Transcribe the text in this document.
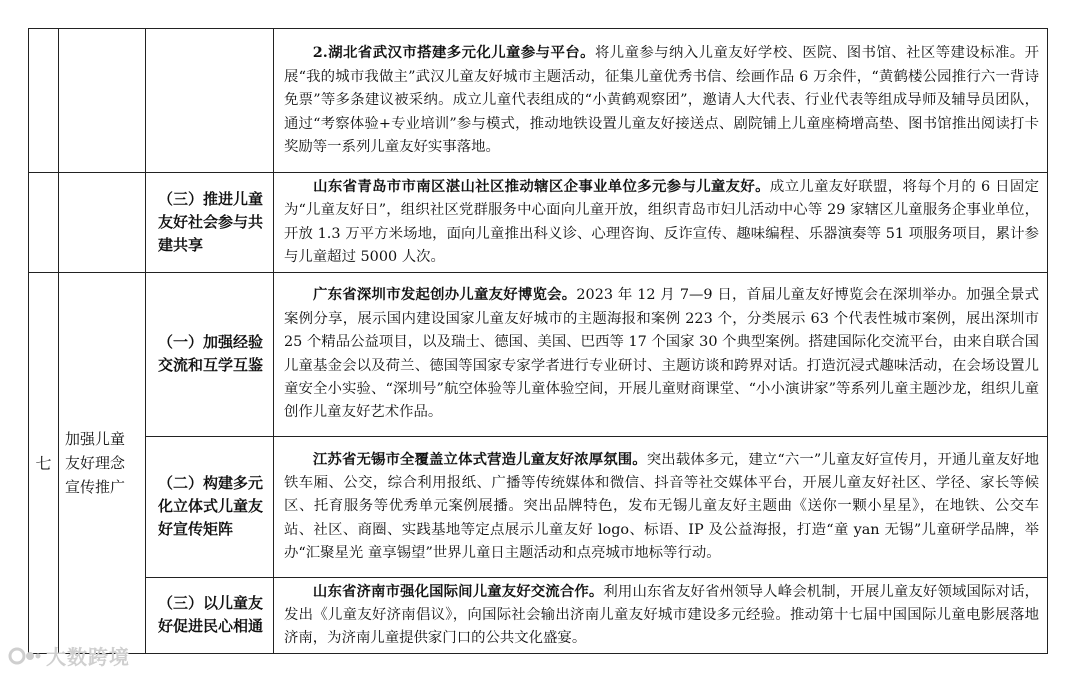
			2.湖北省武汉市搭建多元化儿童参与平台。将儿童参与纳入儿童友好学校、医院、图书馆、社区等建设标准。开展“我的城市我做主”武汉儿童友好城市主题活动，征集儿童优秀书信、绘画作品 6 万余件，“黄鹤楼公园推行六一背诗免票”等多条建议被采纳。成立儿童代表组成的“小黄鹤观察团”，邀请人大代表、行业代表等组成导师及辅导员团队，通过“考察体验+专业培训”参与模式，推动地铁设置儿童友好接送点、剧院铺上儿童座椅增高垫、图书馆推出阅读打卡奖励等一系列儿童友好实事落地。
		（三）推进儿童友好社会参与共建共享	山东省青岛市市南区湛山社区推动辖区企事业单位多元参与儿童友好。成立儿童友好联盟，将每个月的 6 日固定为“儿童友好日”，组织社区党群服务中心面向儿童开放，组织青岛市妇儿活动中心等 29 家辖区儿童服务企事业单位，开放 1.3 万平方米场地，面向儿童推出科义诊、心理咨询、反诈宣传、趣味编程、乐器演奏等 51 项服务项目，累计参与儿童超过 5000 人次。
七	加强儿童友好理念宣传推广	（一）加强经验交流和互学互鉴	广东省深圳市发起创办儿童友好博览会。2023 年 12 月 7—9 日，首届儿童友好博览会在深圳举办。加强全景式案例分享，展示国内建设国家儿童友好城市的主题海报和案例 223 个，分类展示 63 个代表性城市案例，展出深圳市 25 个精品公益项目，以及瑞士、德国、美国、巴西等 17 个国家 30 个典型案例。搭建国际化交流平台，由来自联合国儿童基金会以及荷兰、德国等国家专家学者进行专业研讨、主题访谈和跨界对话。打造沉浸式趣味活动，在会场设置儿童安全小实验、“深圳号”航空体验等儿童体验空间，开展儿童财商课堂、“小小演讲家”等系列儿童主题沙龙，组织儿童创作儿童友好艺术作品。
		（二）构建多元化立体式儿童友好宣传矩阵	江苏省无锡市全覆盖立体式营造儿童友好浓厚氛围。突出载体多元，建立“六一”儿童友好宣传月，开通儿童友好地铁车厢、公交，综合利用报纸、广播等传统媒体和微信、抖音等社交媒体平台，开展儿童友好社区、学径、家长等候区、托育服务等优秀单元案例展播。突出品牌特色，发布无锡儿童友好主题曲《送你一颗小星星》，在地铁、公交车站、社区、商圈、实践基地等定点展示儿童友好 logo、标语、IP 及公益海报，打造“童 yan 无锡”儿童研学品牌，举办“汇聚星光 童享锡望”世界儿童日主题活动和点亮城市地标等行动。
		（三）以儿童友好促进民心相通	山东省济南市强化国际间儿童友好交流合作。利用山东省友好省州领导人峰会机制，开展儿童友好领域国际对话，发出《儿童友好济南倡议》，向国际社会输出济南儿童友好城市建设多元经验。推动第十七届中国国际儿童电影展落地济南，为济南儿童提供家门口的公共文化盛宴。
大数跨境
